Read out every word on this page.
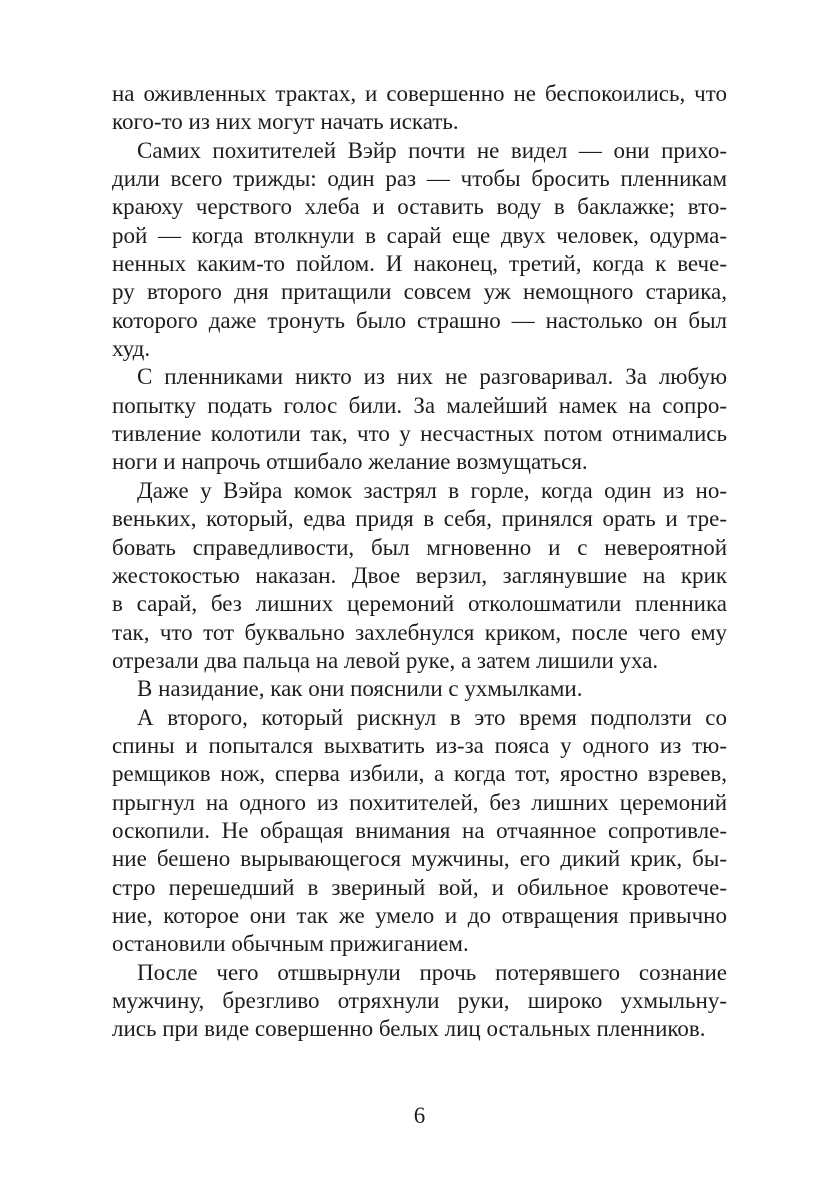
на оживленных трактах, и совершенно не беспокоились, что
кого-то из них могут начать искать.
Самих похитителей Вэйр почти не видел — они прихо-
дили всего трижды: один раз — чтобы бросить пленникам
краюху черствого хлеба и оставить воду в баклажке; вто-
рой — когда втолкнули в сарай еще двух человек, одурма-
ненных каким-то пойлом. И наконец, третий, когда к вече-
ру второго дня притащили совсем уж немощного старика,
которого даже тронуть было страшно — настолько он был
худ.
С пленниками никто из них не разговаривал. За любую
попытку подать голос били. За малейший намек на сопро-
тивление колотили так, что у несчастных потом отнимались
ноги и напрочь отшибало желание возмущаться.
Даже у Вэйра комок застрял в горле, когда один из но-
веньких, который, едва придя в себя, принялся орать и тре-
бовать справедливости, был мгновенно и с невероятной
жестокостью наказан. Двое верзил, заглянувшие на крик
в сарай, без лишних церемоний отколошматили пленника
так, что тот буквально захлебнулся криком, после чего ему
отрезали два пальца на левой руке, а затем лишили уха.
В назидание, как они пояснили с ухмылками.
А второго, который рискнул в это время подползти со
спины и попытался выхватить из-за пояса у одного из тю-
ремщиков нож, сперва избили, а когда тот, яростно взревев,
прыгнул на одного из похитителей, без лишних церемоний
оскопили. Не обращая внимания на отчаянное сопротивле-
ние бешено вырывающегося мужчины, его дикий крик, бы-
стро перешедший в звериный вой, и обильное кровотече-
ние, которое они так же умело и до отвращения привычно
остановили обычным прижиганием.
После чего отшвырнули прочь потерявшего сознание
мужчину, брезгливо отряхнули руки, широко ухмыльну-
лись при виде совершенно белых лиц остальных пленников.
6
